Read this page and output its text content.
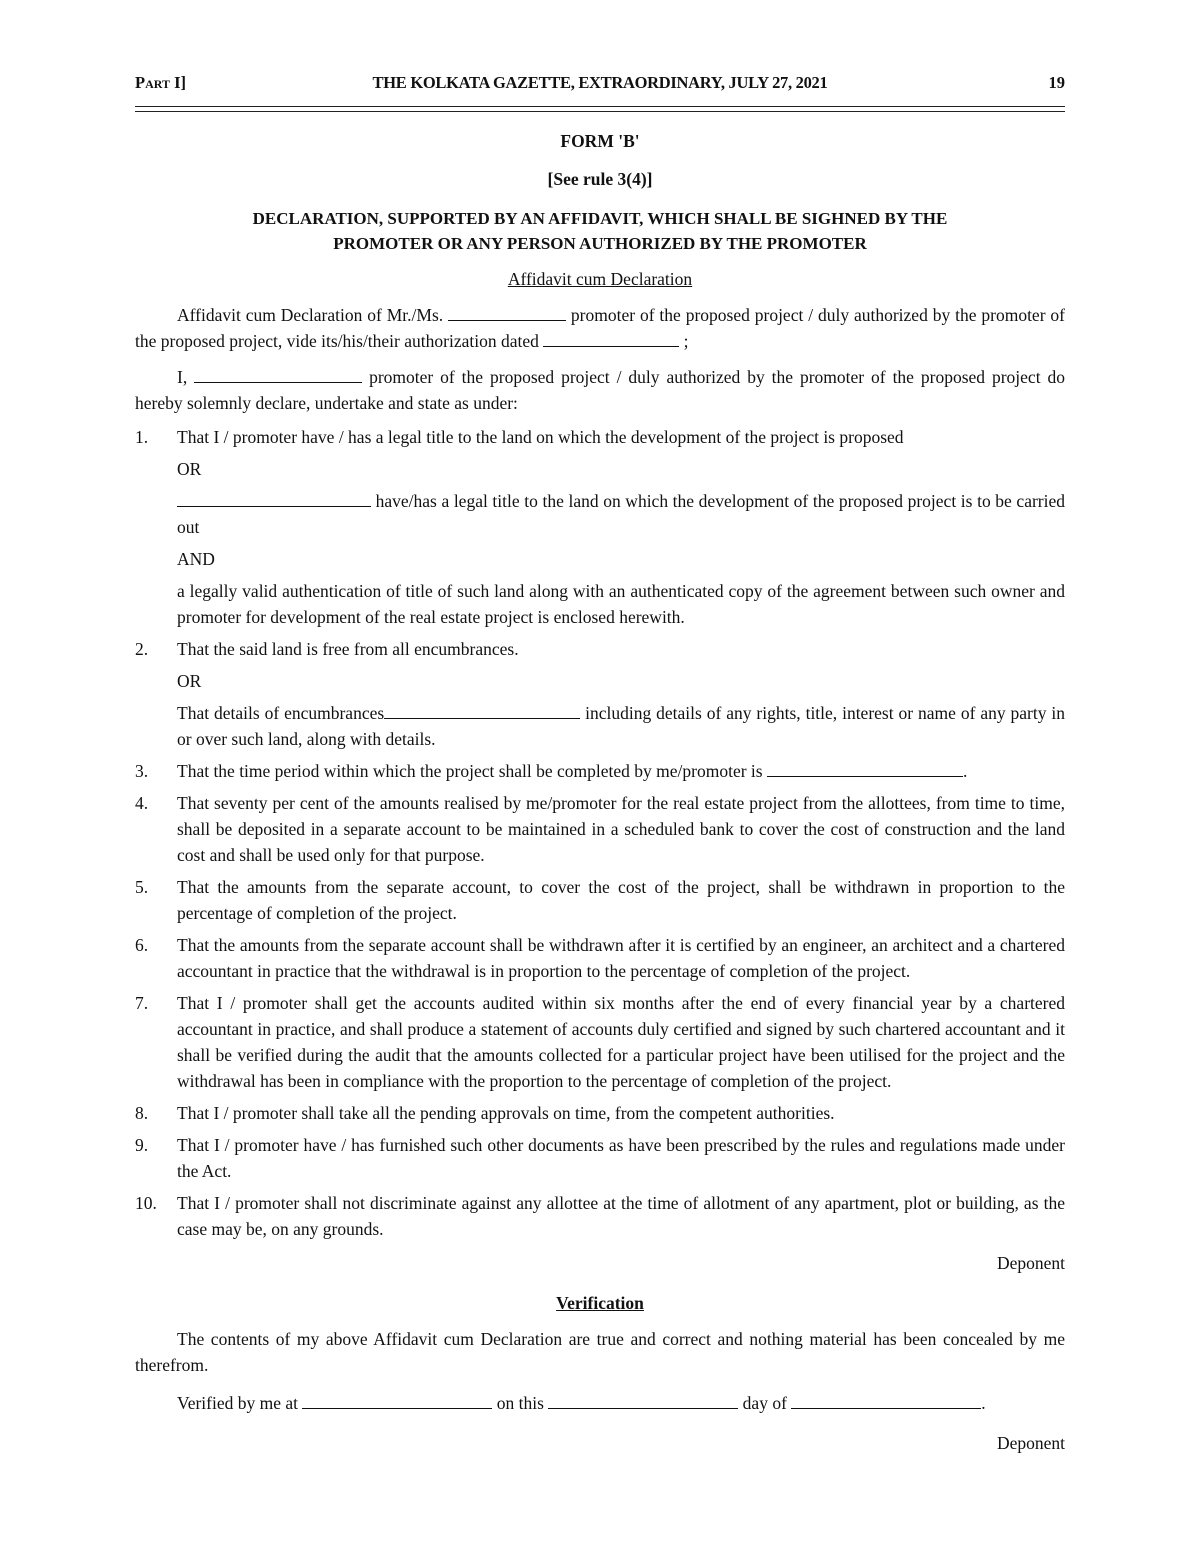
Part I]	THE KOLKATA GAZETTE, EXTRAORDINARY, JULY 27, 2021	19
FORM 'B'
[See rule 3(4)]
DECLARATION, SUPPORTED BY AN AFFIDAVIT, WHICH SHALL BE SIGHNED BY THE
PROMOTER OR ANY PERSON AUTHORIZED BY THE PROMOTER
Affidavit cum Declaration

Affidavit cum Declaration of Mr./Ms.	promoter of the proposed project / duly authorized by the promoter of the proposed project, vide its/his/their authorization dated	;

I,	promoter of the proposed project / duly authorized by the promoter of the proposed project do hereby solemnly declare, undertake and state as under:

1. That I / promoter have / has a legal title to the land on which the development of the project is proposed

OR

have/has a legal title to the land on which the development of the proposed project is to be carried out

AND

a legally valid authentication of title of such land along with an authenticated copy of the agreement between such owner and promoter for development of the real estate project is enclosed herewith.

2. That the said land is free from all encumbrances.

OR

That details of encumbrances	including details of any rights, title, interest or name of any party in or over such land, along with details.

3. That the time period within which the project shall be completed by me/promoter is	.

4. That seventy per cent of the amounts realised by me/promoter for the real estate project from the allottees, from time to time, shall be deposited in a separate account to be maintained in a scheduled bank to cover the cost of construction and the land cost and shall be used only for that purpose.

5. That the amounts from the separate account, to cover the cost of the project, shall be withdrawn in proportion to the percentage of completion of the project.

6. That the amounts from the separate account shall be withdrawn after it is certified by an engineer, an architect and a chartered accountant in practice that the withdrawal is in proportion to the percentage of completion of the project.

7. That I / promoter shall get the accounts audited within six months after the end of every financial year by a chartered accountant in practice, and shall produce a statement of accounts duly certified and signed by such chartered accountant and it shall be verified during the audit that the amounts collected for a particular project have been utilised for the project and the withdrawal has been in compliance with the proportion to the percentage of completion of the project.

8. That I / promoter shall take all the pending approvals on time, from the competent authorities.

9. That I / promoter have / has furnished such other documents as have been prescribed by the rules and regulations made under the Act.

10. That I / promoter shall not discriminate against any allottee at the time of allotment of any apartment, plot or building, as the case may be, on any grounds.

Deponent
Verification

The contents of my above Affidavit cum Declaration are true and correct and nothing material has been concealed by me therefrom.

Verified by me at	on this	day of	.

Deponent
